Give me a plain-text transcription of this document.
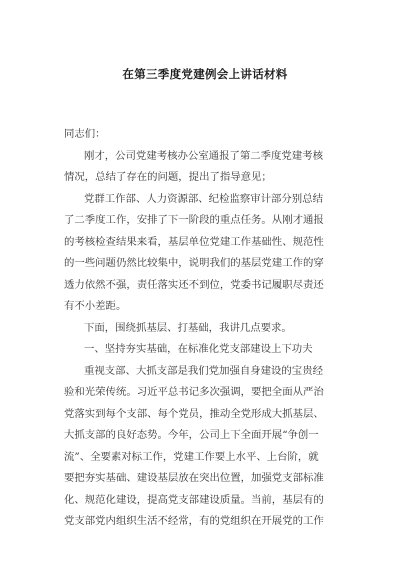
在第三季度党建例会上讲话材料
同志们：
刚才，公司党建考核办公室通报了第二季度党建考核
情况，总结了存在的问题，提出了指导意见；
党群工作部、人力资源部、纪检监察审计部分别总结
了二季度工作，安排了下一阶段的重点任务。从刚才通报
的考核检查结果来看，基层单位党建工作基础性、规范性
的一些问题仍然比较集中，说明我们的基层党建工作的穿
透力依然不强，责任落实还不到位，党委书记履职尽责还
有不小差距。
下面，围绕抓基层、打基础，我讲几点要求。
一、坚持夯实基础，在标准化党支部建设上下功夫
重视支部、大抓支部是我们党加强自身建设的宝贵经
验和光荣传统。习近平总书记多次强调，要把全面从严治
党落实到每个支部、每个党员，推动全党形成大抓基层、
大抓支部的良好态势。今年，公司上下全面开展“争创一
流”、全要素对标工作，党建工作要上水平、上台阶，就
要把夯实基础、建设基层放在突出位置，加强党支部标准
化、规范化建设，提高党支部建设质量。当前，基层有的
党支部党内组织生活不经常，有的党组织在开展党的工作
